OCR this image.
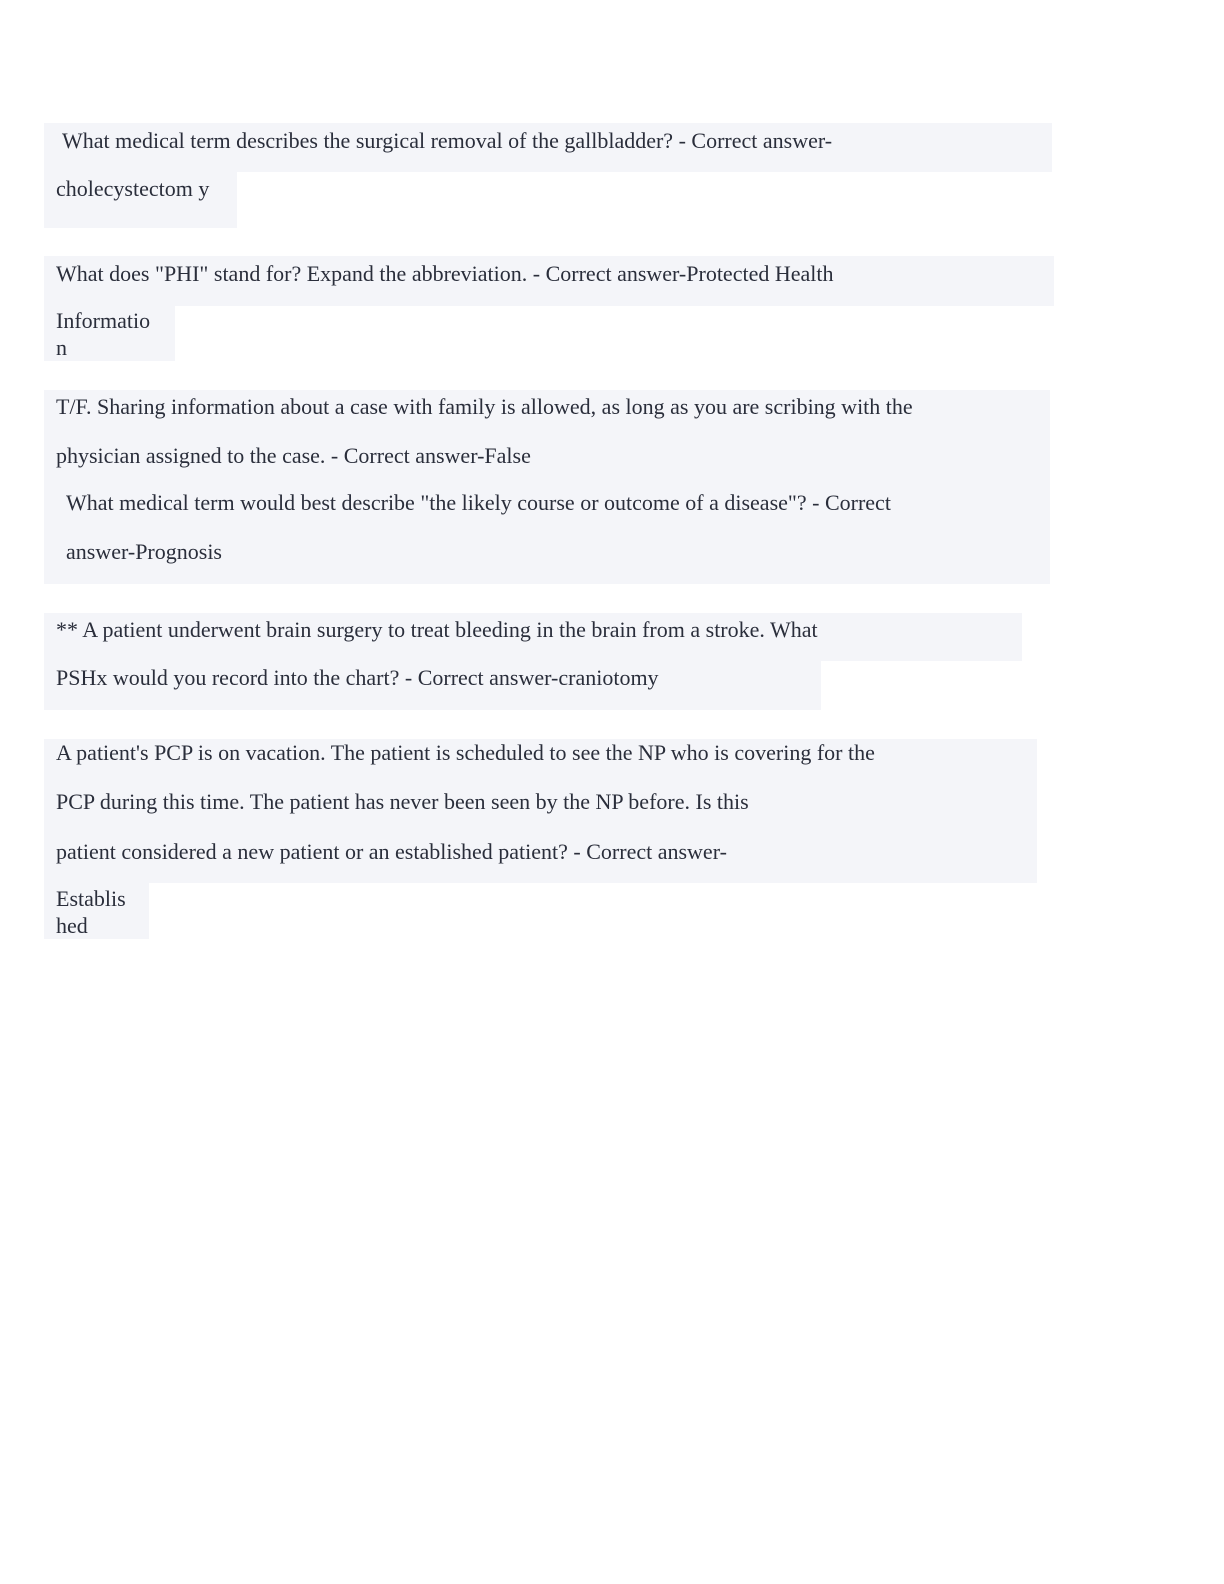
What medical term describes the surgical removal of the gallbladder? - Correct answer-
cholecystectom y
What does "PHI" stand for? Expand the abbreviation. - Correct answer-Protected Health
Informatio
n
T/F. Sharing information about a case with family is allowed, as long as you are scribing with the
physician assigned to the case. - Correct answer-False
What medical term would best describe "the likely course or outcome of a disease"? - Correct
answer-Prognosis
** A patient underwent brain surgery to treat bleeding in the brain from a stroke. What
PSHx would you record into the chart? - Correct answer-craniotomy
A patient's PCP is on vacation. The patient is scheduled to see the NP who is covering for the
PCP during this time. The patient has never been seen by the NP before. Is this
patient considered a new patient or an established patient? - Correct answer-
Establis
hed
